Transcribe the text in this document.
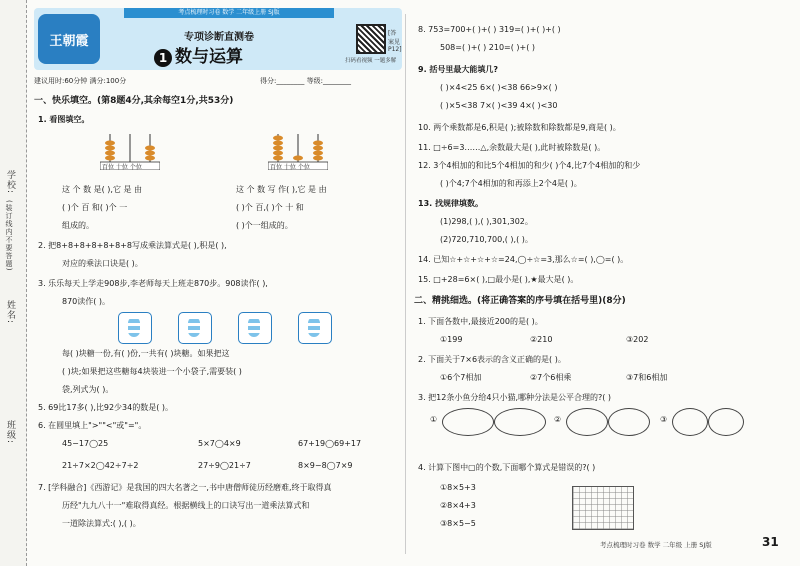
学校:
(装订线内不要答题)
姓名:
班级:
考点梳理时习卷 数学 二年级上册 SJ版
王朝霞	专项诊断直测卷
1 数与运算
[答案见P12]
扫码看视频 一题多解
建议用时:60分钟 满分:100分	得分:________ 等级:________
一、快乐填空。(第8题4分,其余每空1分,共53分)
1. 看图填空。
百位 十位 个位	百位 十位 个位
这 个 数 是( ),它 是 由
( )个 百 和( )个 一
组成的。
这 个 数 写 作( ),它 是 由
( )个 百,( )个 十 和
( )个一组成的。
2. 把8+8+8+8+8+8+8写成乘法算式是( ),积是( ),
对应的乘法口诀是( )。
3. 乐乐每天上学走908步,李老师每天上班走870步。908读作( ),
870读作( )。
每( )块糖一份,有( )份,一共有( )块糖。如果把这
( )块;如果把这些糖每4块装进一个小袋子,需要装( )
袋,列式为( )。
5. 69比17多( ),比92少34的数是( )。
6. 在圆里填上">""<"或"="。
45−17◯25	5×7◯4×9	67+19◯69+17
21÷7×2◯42÷7÷2	27÷9◯21÷7	8×9−8◯7×9
7. [学科融合]《西游记》是我国的四大名著之一,书中唐僧师徒历经磨难,终于取得真
历经"九九八十一"难取得真经。根据横线上的口诀写出一道乘法算式和
一道除法算式:( ),( )。
8. 753=700+( )+( ) 319=( )+( )+( )
508=( )+( ) 210=( )+( )
9. 括号里最大能填几?
( )×4<25 6×( )<38 66>9×( )
( )×5<38 7×( )<39 4×( )<30
10. 两个乘数都是6,积是( );被除数和除数都是9,商是( )。
11. □÷6=3……△,余数最大是( ),此时被除数是( )。
12. 3个4相加的和比5个4相加的和少( )个4,比7个4相加的和少
( )个4;7个4相加的和再添上2个4是( )。
13. 找规律填数。
(1)298,( ),( ),301,302。
(2)720,710,700,( ),( )。
14. 已知☆+☆+☆+☆=24,◯÷☆=3,那么☆=( ),◯=( )。
15. □+28=6×( ),□最小是( ),★最大是( )。
二、精挑细选。(将正确答案的序号填在括号里)(8分)
1. 下面各数中,最接近200的是( )。
①199	②210	③202
2. 下面关于7×6表示的含义正确的是( )。
①6个7相加	②7个6相乘	③7和6相加
3. 把12条小鱼分给4只小猫,哪种分法是公平合理的?( )
①	②	③
4. 计算下图中▢的个数,下面哪个算式是错误的?( )
①8×5+3
②8×4+3
③8×5−5
考点梳理时习卷 数学 二年级 上册 SJ版	31
